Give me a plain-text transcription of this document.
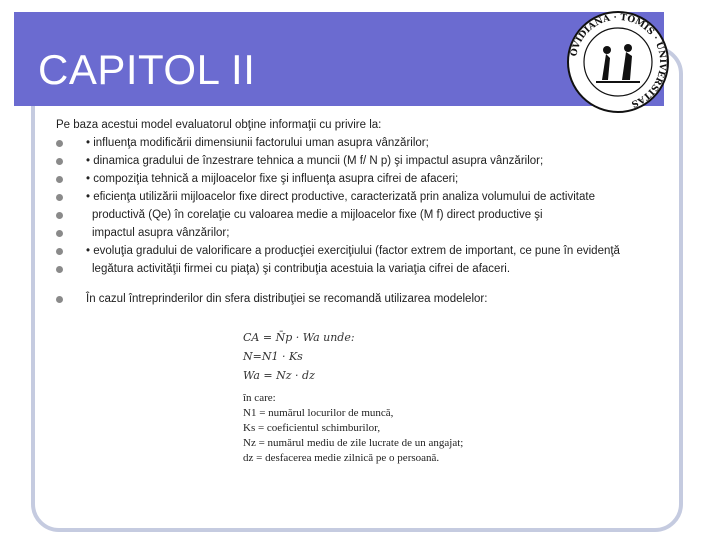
CAPITOL II	OVIDIANA · TOMIS · UNIVERSITAS

Pe baza acestui model evaluatorul obţine informaţii cu privire la:

• influenţa modificării dimensiunii factorului uman asupra vânzărilor;
• dinamica gradului de înzestrare tehnica a muncii (M f/ N p) şi impactul asupra vânzărilor;
• compoziţia tehnică a mijloacelor fixe şi influenţa asupra cifrei de afaceri;
• eficienţa utilizării mijloacelor fixe direct productive, caracterizată prin analiza volumului de activitate
productivă (Qe) în corelaţie cu valoarea medie a mijloacelor fixe (M f) direct productive şi
impactul asupra vânzărilor;
• evoluţia gradului de valorificare a producţiei exerciţiului (factor extrem de important, ce pune în evidenţă
legătura activităţii firmei cu piaţa) şi contribuţia acestuia la variaţia cifrei de afaceri.
În cazul întreprinderilor din sfera distribuţiei se recomandă utilizarea modelelor:
CA = N̄p · Wa unde:
N=N1 · Ks
Wa = Nz · dz
în care:
N1 = numărul locurilor de muncă,
Ks = coeficientul schimburilor,
Nz = numărul mediu de zile lucrate de un angajat;
dz = desfacerea medie zilnică pe o persoană.
